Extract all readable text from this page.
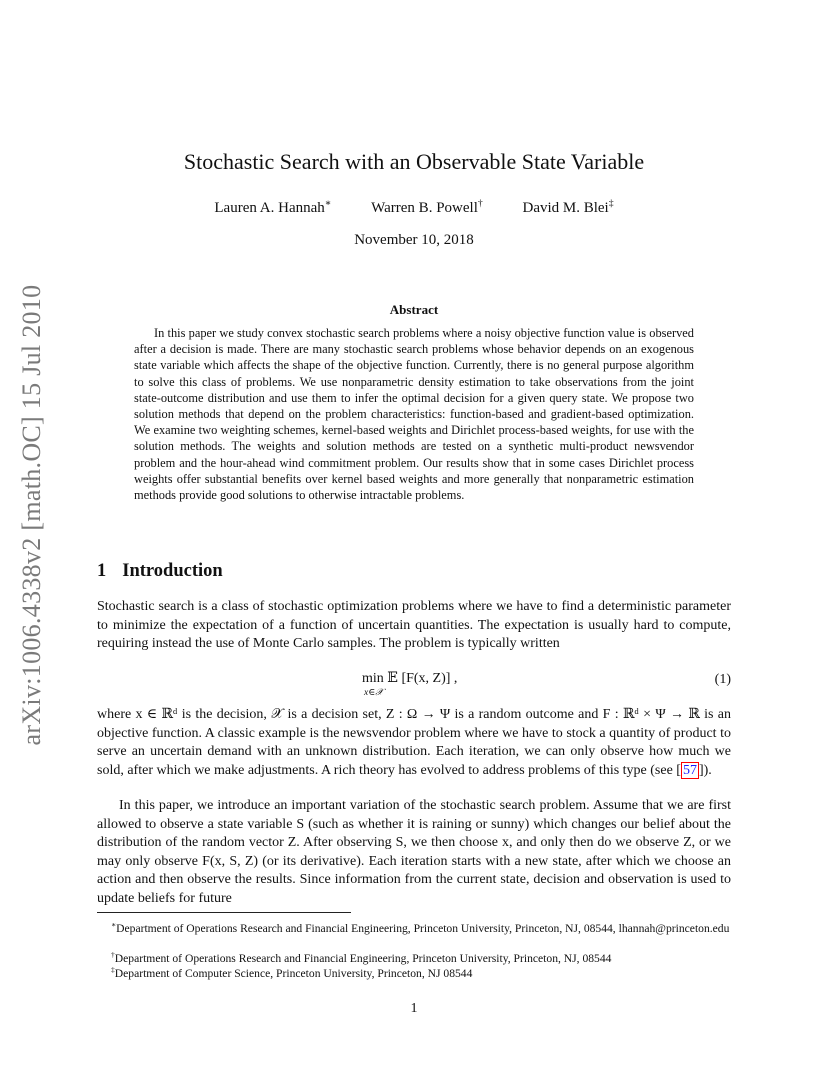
arXiv:1006.4338v2 [math.OC] 15 Jul 2010
Stochastic Search with an Observable State Variable
Lauren A. Hannah∗	Warren B. Powell†	David M. Blei‡
November 10, 2018
Abstract
In this paper we study convex stochastic search problems where a noisy objective function value is observed after a decision is made. There are many stochastic search problems whose behavior depends on an exogenous state variable which affects the shape of the objective function. Currently, there is no general purpose algorithm to solve this class of problems. We use nonparametric density estimation to take observations from the joint state-outcome distribution and use them to infer the optimal decision for a given query state. We propose two solution methods that depend on the problem characteristics: function-based and gradient-based optimization. We examine two weighting schemes, kernel-based weights and Dirichlet process-based weights, for use with the solution methods. The weights and solution methods are tested on a synthetic multi-product newsvendor problem and the hour-ahead wind commitment problem. Our results show that in some cases Dirichlet process weights offer substantial benefits over kernel based weights and more generally that nonparametric estimation methods provide good solutions to otherwise intractable problems.
1 Introduction
Stochastic search is a class of stochastic optimization problems where we have to find a deterministic parameter to minimize the expectation of a function of uncertain quantities. The expectation is usually hard to compute, requiring instead the use of Monte Carlo samples. The problem is typically written
min 𝔼 [F(x, Z)] ,
x∈𝒳
(1)
where x ∈ ℝᵈ is the decision, 𝒳 is a decision set, Z : Ω → Ψ is a random outcome and F : ℝᵈ × Ψ → ℝ is an objective function. A classic example is the newsvendor problem where we have to stock a quantity of product to serve an uncertain demand with an unknown distribution. Each iteration, we can only observe how much we sold, after which we make adjustments. A rich theory has evolved to address problems of this type (see [ 57 ]).
In this paper, we introduce an important variation of the stochastic search problem. Assume that we are first allowed to observe a state variable S (such as whether it is raining or sunny) which changes our belief about the distribution of the random vector Z. After observing S, we then choose x, and only then do we observe Z, or we may only observe F(x, S, Z) (or its derivative). Each iteration starts with a new state, after which we choose an action and then observe the results. Since information from the current state, decision and observation is used to update beliefs for future
∗Department of Operations Research and Financial Engineering, Princeton University, Princeton, NJ, 08544, lhannah@princeton.edu
†Department of Operations Research and Financial Engineering, Princeton University, Princeton, NJ, 08544
‡Department of Computer Science, Princeton University, Princeton, NJ 08544
1
